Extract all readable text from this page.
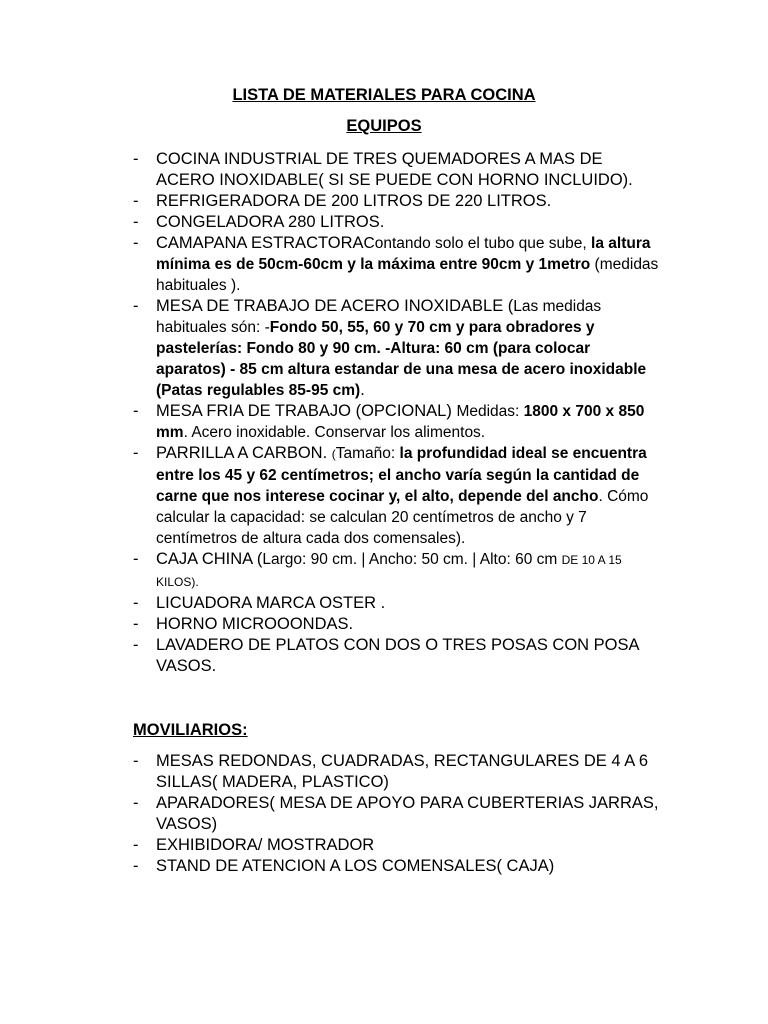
LISTA DE MATERIALES PARA COCINA
EQUIPOS
- COCINA INDUSTRIAL DE TRES QUEMADORES A MAS DE ACERO INOXIDABLE( SI SE PUEDE CON HORNO INCLUIDO).
- REFRIGERADORA DE 200 LITROS DE 220 LITROS.
- CONGELADORA 280 LITROS.
- CAMAPANA ESTRACTORAContando solo el tubo que sube, la altura mínima es de 50cm-60cm y la máxima entre 90cm y 1metro (medidas habituales ).
- MESA DE TRABAJO DE ACERO INOXIDABLE (Las medidas habituales són: -Fondo 50, 55, 60 y 70 cm y para obradores y pastelerías: Fondo 80 y 90 cm. -Altura: 60 cm (para colocar aparatos) - 85 cm altura estandar de una mesa de acero inoxidable (Patas regulables 85-95 cm).
- MESA FRIA DE TRABAJO (OPCIONAL) Medidas: 1800 x 700 x 850 mm. Acero inoxidable. Conservar los alimentos.
- PARRILLA A CARBON. (Tamaño: la profundidad ideal se encuentra entre los 45 y 62 centímetros; el ancho varía según la cantidad de carne que nos interese cocinar y, el alto, depende del ancho. Cómo calcular la capacidad: se calculan 20 centímetros de ancho y 7 centímetros de altura cada dos comensales).
- CAJA CHINA (Largo: 90 cm. | Ancho: 50 cm. | Alto: 60 cm DE 10 A 15 KILOS).
- LICUADORA MARCA OSTER .
- HORNO MICROOONDAS.
- LAVADERO DE PLATOS CON DOS O TRES POSAS CON POSA VASOS.
MOVILIARIOS:
- MESAS REDONDAS, CUADRADAS, RECTANGULARES DE 4 A 6 SILLAS( MADERA, PLASTICO)
- APARADORES( MESA DE APOYO PARA CUBERTERIAS JARRAS, VASOS)
- EXHIBIDORA/ MOSTRADOR
- STAND DE ATENCION A LOS COMENSALES( CAJA)
